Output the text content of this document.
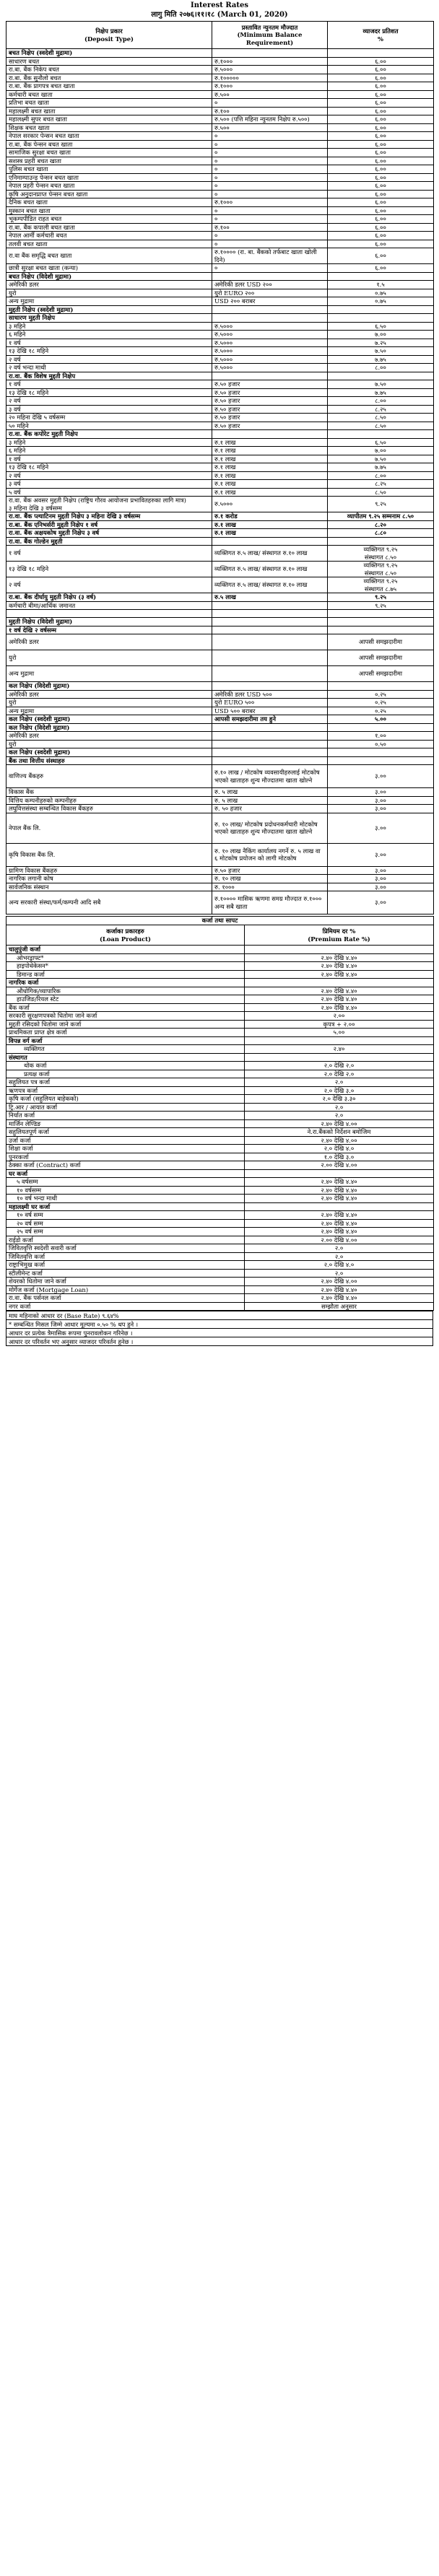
Interest Rates
लागु मिति २०७६।११।१८ (March 01, 2020)
निक्षेप प्रकार
(Deposit Type)	प्रस्तावित न्युनतम मौज्दात
(Minimum Balance Requirement)	व्याजदर प्रतिशत
%
बचत निक्षेप (स्वदेशी मुद्रामा)		
साधारण बचत	रु.१०००	६.००
रा.बा. बैंक निकेप बचत	रु.५०००	६.००
रा.बा. बैंक सुनौलो बचत	रु.१०००००	६.००
रा.बा. बैंक प्रागपत्र बचत खाता	रु.१०००	६.००
कर्मचारी बचत खाता	रु.५००	६.००
प्रतिभा बचत खाता	०	६.००
महालक्ष्मी बचत खाता	रु.१००	६.००
महालक्ष्मी सुपर बचत खाता	रु.५०० (पत्ति महिना न्युनतम निक्षेप रु.५००)	६.००
शिक्षक बचत खाता	रु.५००	६.००
नेपाल सरकार पेन्सन बचत खाता	०	६.००
रा.बा. बैंक पेन्सन बचत खाता	०	६.००
सामाजिक सुरक्षा बचत खाता	०	६.००
सशस्त्र प्रहरी बचत खाता	०	६.००
पुलिस बचत खाता	०	६.००
एनिमाम्पाउन्ड़ पेन्सन बचत खाता	०	६.००
नेपाल प्रहरी पेन्सन बचत खाता	०	६.००
कृषि अनुदानप्राप्त पेन्सन बचत खाता	०	६.००
दैनिक बचत खाता	रु.१०००	६.००
मुस्कान बचत खाता	०	६.००
भूकम्पपीडित राहत बचत	०	६.००
रा.बा. बैंक कपाली बचत खाता	रु.१००	६.००
नेपाल आर्मी कर्मचारी बचत	०	६.००
तलवी बचत खाता	०	६.००
रा.वा बैंक समृद्धि बचत खाता	रु.१०००० (रा. बा. बैंकको तर्फबाट खाता खोली दिने)	६.००
छात्री सुरक्षा बचत खाता (कन्या)	०	६.००
बचत निक्षेप (विदेशी मुद्रामा)		
अमेरिकी डलर	अमेरिकी डलर USD २००	१.५
युरो	युरो EURO २००	०.७५
अन्य मुद्रामा	USD २०० बराबर	०.७५
मुद्दती निक्षेप (स्वदेशी मुद्रामा)		
साधारण मुद्दती निक्षेप		
३ महिने	रु.५०००	६.५०
६ महिने	रु.५०००	७.००
१ वर्ष	रु.५०००	७.२५
१३ देखि १८ महिने	रु.५०००	७.५०
२ वर्ष	रु.५०००	७.७५
२ वर्ष भन्दा माथी	रु.५०००	८.००
रा.वा. बैंक विशेष मुद्दती निक्षेप		
१ वर्ष	रु.५० हजार	७.५०
१३ देखि १८ महिने	रु.५० हजार	७.७५
२ वर्ष	रु.५० हजार	८.००
३ वर्ष	रु.५० हजार	८.२५
२० महिना देखि ५ वर्षसम्म	रु.५० हजार	८.५०
५० महिने	रु.५० हजार	८.५०
रा.वा. बैंक कपोरेट मुद्दती निक्षेप		
३ महिने	रु.१ लाख	६.५०
६ महिने	रु.१ लाख	७.००
१ वर्ष	रु.१ लाख	७.५०
१३ देखि १८ महिने	रु.१ लाख	७.७५
२ वर्ष	रु.१ लाख	८.००
३ वर्ष	रु.१ लाख	८.२५
५ वर्ष	रु.१ लाख	८.५०
रा.वा. बैंक अवसर मुद्दती निक्षेप (राष्ट्रिय गौरव आयोजना प्रभावितहरुका लागि मात्र)
३ महिना देखि ३ वर्षसम्म	रु.५०००	९.२५
रा.वा. बैंक प्ल्याटिनम मुद्दती निक्षेप ३ महिना देखि ३ वर्षसम्म	रु.१ करोड	व्यापीतम ९.२५ सम्मनाम ८.५०
रा.बा. बैंक एनिभर्सरी मुद्दती निक्षेप १ वर्ष	रु.१ लाख	८.२०
रा.वा. बैंक अक्षयकोष मुद्दती निक्षेप ३ वर्ष	रु.१ लाख	८.८०
रा.वा. बैंक गोल्डेन मुद्दती		
१ वर्ष	व्यक्तिगत रु.५ लाख/ संस्थागत रु.१० लाख	व्यक्तिगत ९.२५
संस्थागत ८.५०
१३ देखि १८ महिने	व्यक्तिगत रु.५ लाख/ संस्थागत रु.१० लाख	व्यक्तिगत ९.२५
संस्थागत ८.५०
२ वर्ष	व्यक्तिगत रु.५ लाख/ संस्थागत रु.१० लाख	व्यक्तिगत ९.२५
संस्थागत ८.७५
रा.बा. बैंक दीर्घायु मुद्दती निक्षेप (३ वर्ष)	रु.५ लाख	९.२५
कर्मचारी बीमा/आर्थिक जमानत		९.२५

मुद्दती निक्षेप (विदेशी मुद्रामा)		
१ वर्ष देखि २ वर्षसम्म		
अमेरिकी डलर		आपसी समझदारीमा
युरो		आपसी समझदारीमा
अन्य मुद्रामा		आपसी समझदारीमा
कल निक्षेप (विदेशी मुद्रामा)		
अमेरिकी डलर	अमेरिकी डलर USD ५००	०.२५
युरो	युरो EURO ५००	०.२५
अन्य मुद्रामा	USD ५०० बराबर	०.२५
कल निक्षेप (स्वदेशी मुद्रामा)	आपसी समझदारीमा तय हुने	५.००
कल निक्षेप (विदेशी मुद्रामा)		
अमेरिकी डलर		१.००
युरो		०.५०
कल निक्षेप (स्वदेशी मुद्रामा)		
बैंक तथा वित्तीय संस्थाहरु		
वाणिज्य बैंकहरु	रु.१० लाख / मोटकोष व्यवसायीहरुलाई मोटकोष भएको खाताहरु शुन्य मौज्दातमा खाता खोल्ने	३.००
विकास बैंक	रु. ५ लाख	३.००
वित्तिय कम्पनीहरुको कम्पनीहरु	रु. ५ लाख	३.००
लघुवित्तसंस्था सम्बन्धित विकास बैंकहरु	रु. ५० हजार	३.००
नेपाल बैंक लि.	रु. १० लाख/ मोटकोष प्रदोधनकर्मचारी मोटकोष भएको खाताहरु शुन्य मौज्दातमा खाता खोल्ने	३.००
कृषि विकास बैंक लि.	रु. १० लाख नैकिंग कार्यालय नगर्ने रु. ५ लाख वा ६ मोटकोष प्रयोजन को लागी मोटकोष	३.००
ग्रामिण विकास बैंकहरु	रु.५० हजार	३.००
नागरिक लगानी कोष	रु. १० लाख	३.००
सार्वजनिक संस्थान	रु. १०००	३.००
अन्य सरकारी संस्था/फर्म/कम्पनी आदि सबै	रु.१०००० मासिक ऋणमा समग्र मौज्दात रु.१००० अन्य सबै खाता	३.००
कर्जा तथा सापट	
कर्जाका प्रकारहरु
(Loan Product)	प्रिमियम दर %
(Premium Rate %)
चालुपुंजी कर्जा	
ओभरड्राफ्ट*	२.४० देखि ४.४०
हाइपोथेकेसन*	२.४० देखि ४.४०
डिमान्ड कर्जा	२.४० देखि ४.४०
नागरिक कर्जा	
औधोगिक/व्यापारिक	२.४० देखि ४.४०
हाउजिङ/रियल स्टेट	२.४० देखि ४.४०
बैंक कर्जा	२.४० देखि ४.४०
सरकारी सुरक्षणपत्रको धितोमा जाने कर्जा	२.००
मुद्दती रसिदको धितोमा जाने कर्जा	कृपत्र + २.००
प्राथमिकता प्राप्त क्षेत्र कर्जा	५.००
विपन्न वर्ग कर्जा	
व्यक्तिगत	२.४०
संस्थागत	
थोक कर्जा	२.० देखि २.०
प्रत्यक्ष कर्जा	२.० देखि २.०
सहुलियत पत्र कर्जा	२.०
ऋणपत्र कर्जा	२.० देखि ३.०
कृषि कर्जा (सहुलियत बाहेकको)	२.० देखि ३.३०
ट्रि.आर / आयात कर्जा	२.०
निर्यात कर्जा	२.०
मार्जिन लेण्डिङ	२.४० देखि ४.००
सहुलियतपूर्ण कर्जा	ने.रा.बैंकको निर्देशन बमोजिम
उर्जा कर्जा	२.४० देखि ४.००
शिक्षा कर्जा	२.० देखि ४.०
पुनरकर्जा	१.० देखि ३.०
ठेक्का कर्जा (Contract) कर्जा	२.०० देखि ४.००
घर कर्जा	
५ वर्षसम्म	२.४० देखि ४.४०
१० वर्षसम्म	२.४० देखि ४.४०
१० वर्ष भन्दा माथी	२.४० देखि ४.४०
महालक्ष्मी घर कर्जा	
१० वर्ष सम्म	२.४० देखि ४.४०
२० वर्ष सम्म	२.४० देखि ४.४०
२५ वर्ष सम्म	२.४० देखि ४.४०
राईडो कर्जा	२.०० देखि ४.००
जिवितवृत्ति स्वदेशी सवारी कर्जा	२.०
जिवितवृत्ति कर्जा	२.०
राष्ट्राभिमुख कर्जा	२.० देखि ४.०
स्टीलीमेन्ट कर्जा	२.०
शेयरको धितोमा जाने कर्जा	२.४० देखि ४.००
मोर्गेज कर्जा (Mortgage Loan)	२.४० देखि ४.४०
रा.वा. बैंक पर्सनल कर्जा	२.४० देखि ४.४०
नगर कर्जा	सम्झौता अनुसार
माघ महिनाको आधार दर (Base Rate) ९.६४%
* सम्बन्धित मिसल जिम्मे आधार मूल्यमा ०.५० % थप हुने ।
आधार दर प्रत्येक त्रैमासिक रूपमा पुनरावलोकन गरिनेछ ।
आधार दर परिवर्तन भए अनुसार व्याजदर परिवर्तन हुनेछ ।
